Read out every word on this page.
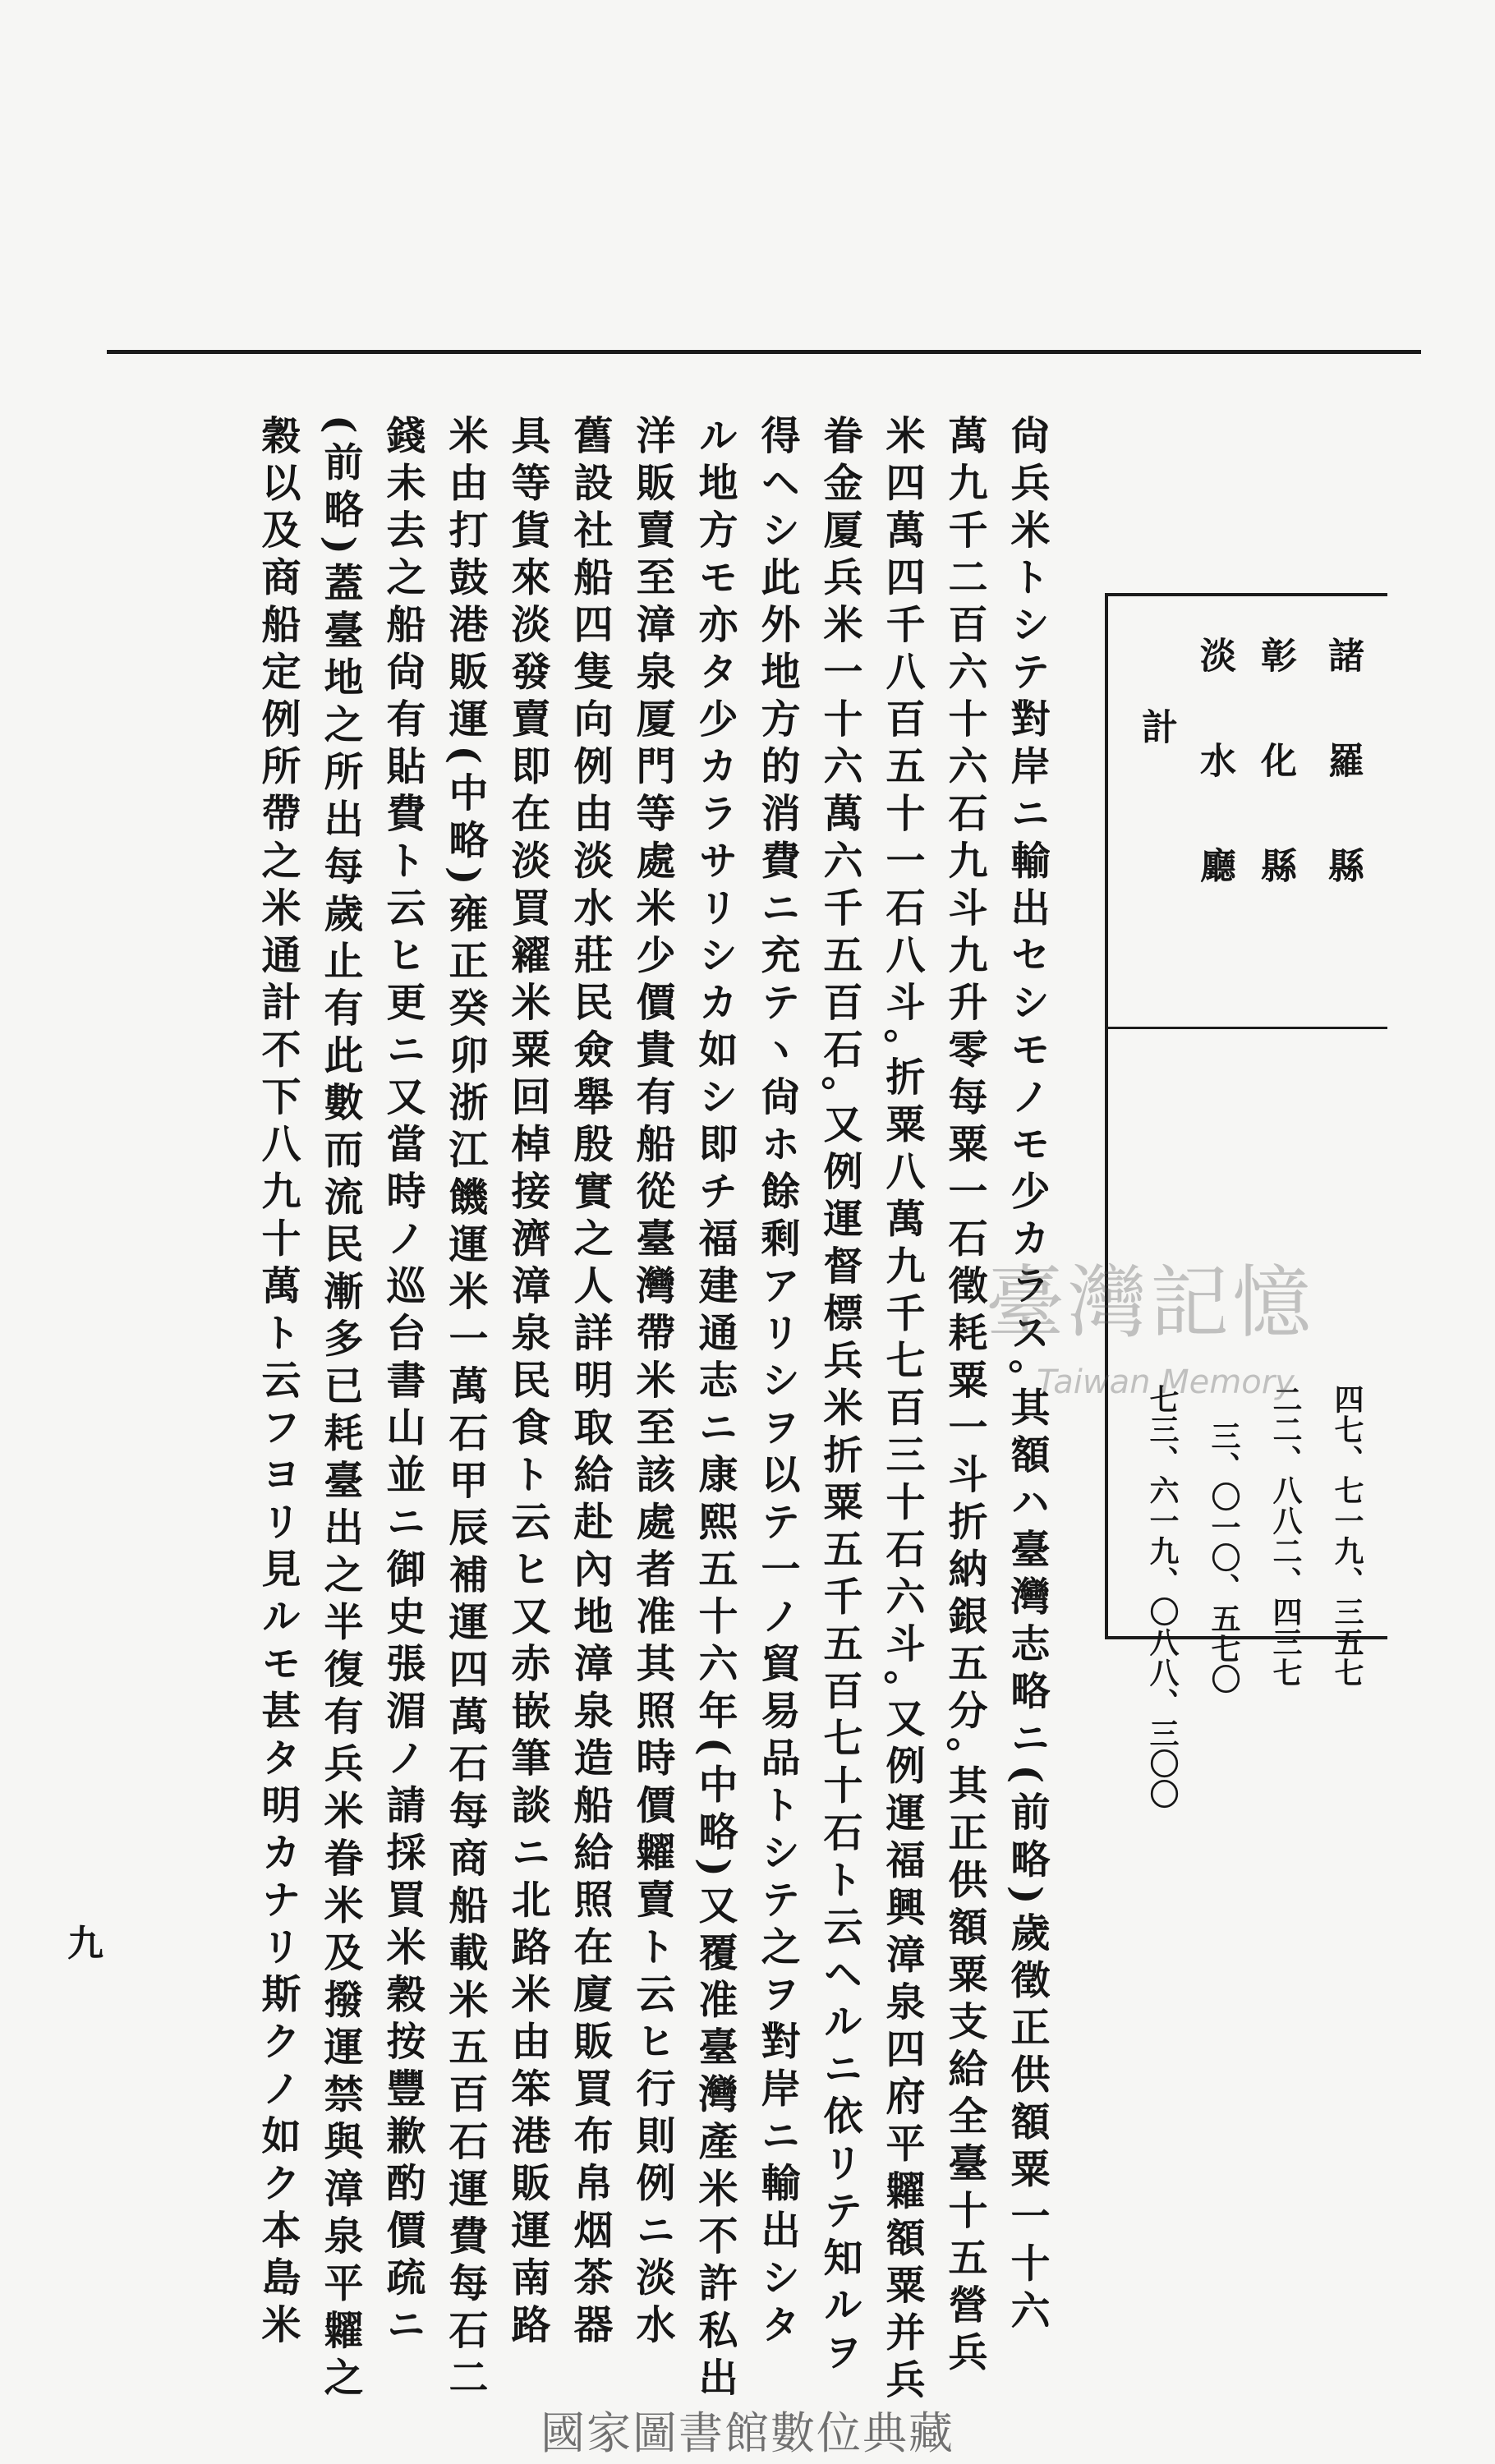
尙兵米トシテ對岸ニ輸出セシモノモ少カラス｡其額ハ臺灣志略ニ(前略)歲徵正供額粟一十六
萬九千二百六十六石九斗九升零每粟一石徵耗粟一斗折納銀五分｡其正供額粟支給全臺十五營兵
米四萬四千八百五十一石八斗｡折粟八萬九千七百三十石六斗｡又例運福興漳泉四府平糶額粟并兵
眷金厦兵米一十六萬六千五百石｡又例運督標兵米折粟五千五百七十石ト云ヘルニ依リテ知ルヲ
得ヘシ此外地方的消費ニ充テヽ尙ホ餘剩アリシヲ以テ一ノ貿易品トシテ之ヲ對岸ニ輸出シタ
ル地方モ亦タ少カラサリシカ如シ即チ福建通志ニ康熙五十六年(中略)又覆准臺灣產米不許私出
洋販賣至漳泉厦門等處米少價貴有船從臺灣帶米至該處者准其照時價糶賣ト云ヒ行則例ニ淡水
舊設社船四隻向例由淡水莊民僉舉殷實之人詳明取給赴內地漳泉造船給照在廈販買布帛烟茶器
具等貨來淡發賣即在淡買糴米粟回棹接濟漳泉民食ト云ヒ又赤嵌筆談ニ北路米由笨港販運南路
米由打鼓港販運(中略)雍正癸卯浙江饑運米一萬石甲辰補運四萬石每商船載米五百石運費每石二
錢未去之船尙有貼費ト云ヒ更ニ又當時ノ巡台書山並ニ御史張湄ノ請採買米穀按豐歉酌價疏ニ
(前略)蓋臺地之所出每歲止有此數而流民漸多已耗臺出之半復有兵米眷米及撥運禁與漳泉平糶之
穀以及商船定例所帶之米通計不下八九十萬ト云フヨリ見ルモ甚タ明カナリ斯クノ如ク本島米	諸羅縣
彰化縣
淡水廳
計
四七、七一九、三五七
二二、八八二、四三七
三、〇一〇、五七〇
七三、六一九、〇八八、三〇〇
九
臺灣記憶
Taiwan Memory
國家圖書館數位典藏
